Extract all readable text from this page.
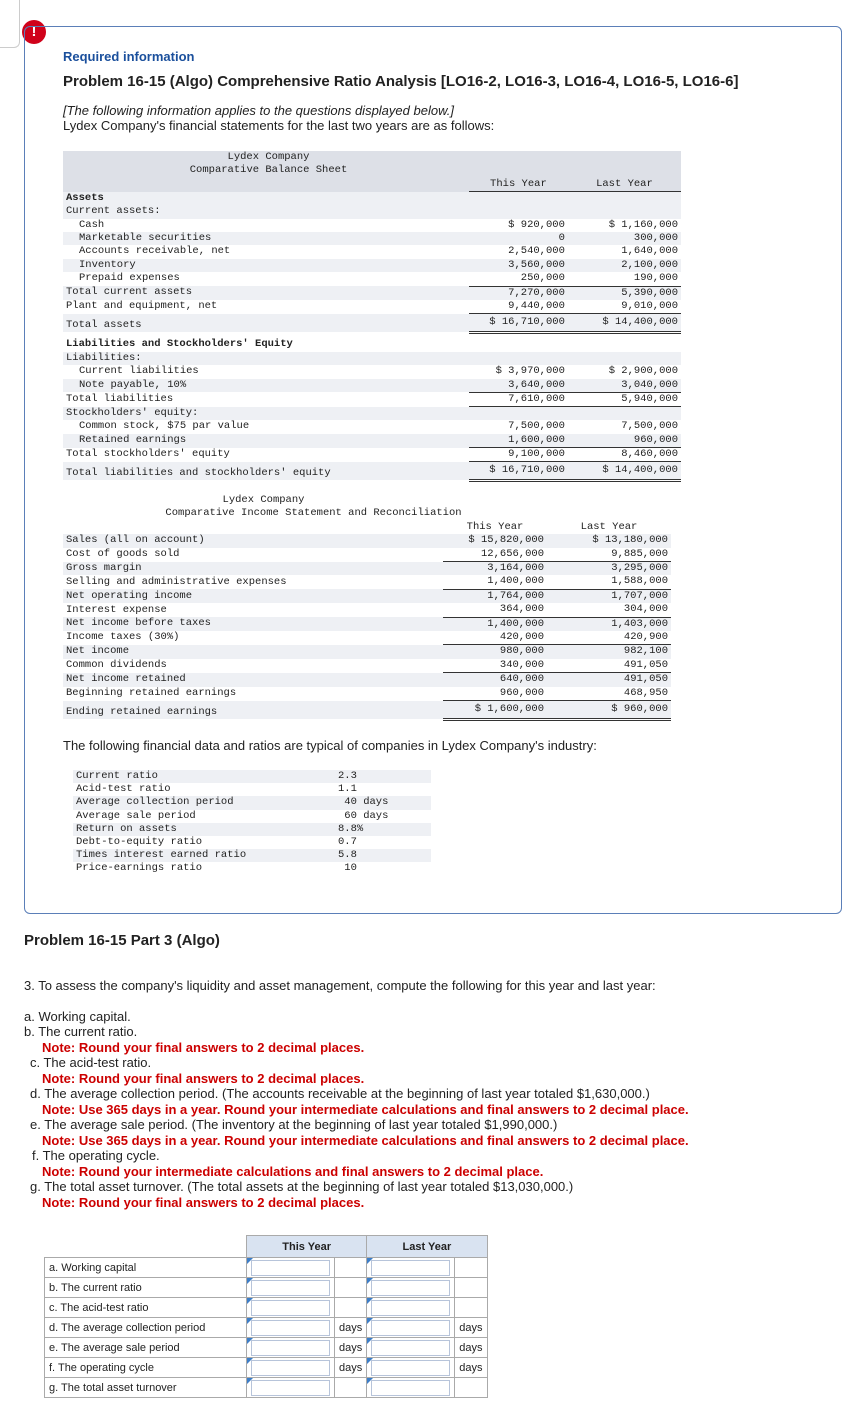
!
Required information
Problem 16-15 (Algo) Comprehensive Ratio Analysis [LO16-2, LO16-3, LO16-4, LO16-5, LO16-6]
[The following information applies to the questions displayed below.]
Lydex Company's financial statements for the last two years are as follows:
Lydex Company		
Comparative Balance Sheet		
	This Year	Last Year
Assets		
Current assets:		
Cash	$ 920,000	$ 1,160,000
Marketable securities	0	300,000
Accounts receivable, net	2,540,000	1,640,000
Inventory	3,560,000	2,100,000
Prepaid expenses	250,000	190,000
Total current assets	7,270,000	5,390,000
Plant and equipment, net	9,440,000	9,010,000
Total assets	$ 16,710,000	$ 14,400,000
Liabilities and Stockholders' Equity		
Liabilities:		
Current liabilities	$ 3,970,000	$ 2,900,000
Note payable, 10%	3,640,000	3,040,000
Total liabilities	7,610,000	5,940,000
Stockholders' equity:		
Common stock, $75 par value	7,500,000	7,500,000
Retained earnings	1,600,000	960,000
Total stockholders' equity	9,100,000	8,460,000
Total liabilities and stockholders' equity	$ 16,710,000	$ 14,400,000
Lydex Company		
Comparative Income Statement and Reconciliation		
	This Year	Last Year
Sales (all on account)	$ 15,820,000	$ 13,180,000
Cost of goods sold	12,656,000	9,885,000
Gross margin	3,164,000	3,295,000
Selling and administrative expenses	1,400,000	1,588,000
Net operating income	1,764,000	1,707,000
Interest expense	364,000	304,000
Net income before taxes	1,400,000	1,403,000
Income taxes (30%)	420,000	420,900
Net income	980,000	982,100
Common dividends	340,000	491,050
Net income retained	640,000	491,050
Beginning retained earnings	960,000	468,950
Ending retained earnings	$ 1,600,000	$ 960,000
The following financial data and ratios are typical of companies in Lydex Company's industry:
Current ratio	2.3
Acid-test ratio	1.1
Average collection period	40 days
Average sale period	60 days
Return on assets	8.8%
Debt-to-equity ratio	0.7
Times interest earned ratio	5.8
Price-earnings ratio	10
Problem 16-15 Part 3 (Algo)
3. To assess the company's liquidity and asset management, compute the following for this year and last year:
a. Working capital.
b. The current ratio.
Note: Round your final answers to 2 decimal places.
c. The acid-test ratio.
Note: Round your final answers to 2 decimal places.
d. The average collection period. (The accounts receivable at the beginning of last year totaled $1,630,000.)
Note: Use 365 days in a year. Round your intermediate calculations and final answers to 2 decimal place.
e. The average sale period. (The inventory at the beginning of last year totaled $1,990,000.)
Note: Use 365 days in a year. Round your intermediate calculations and final answers to 2 decimal place.
f. The operating cycle.
Note: Round your intermediate calculations and final answers to 2 decimal place.
g. The total asset turnover. (The total assets at the beginning of last year totaled $13,030,000.)
Note: Round your final answers to 2 decimal places.
	This Year		Last Year	
a. Working capital	

b. The current ratio	

c. The acid-test ratio	

d. The average collection period		days		days
e. The average sale period		days		days
f. The operating cycle		days		days
g. The total asset turnover	
